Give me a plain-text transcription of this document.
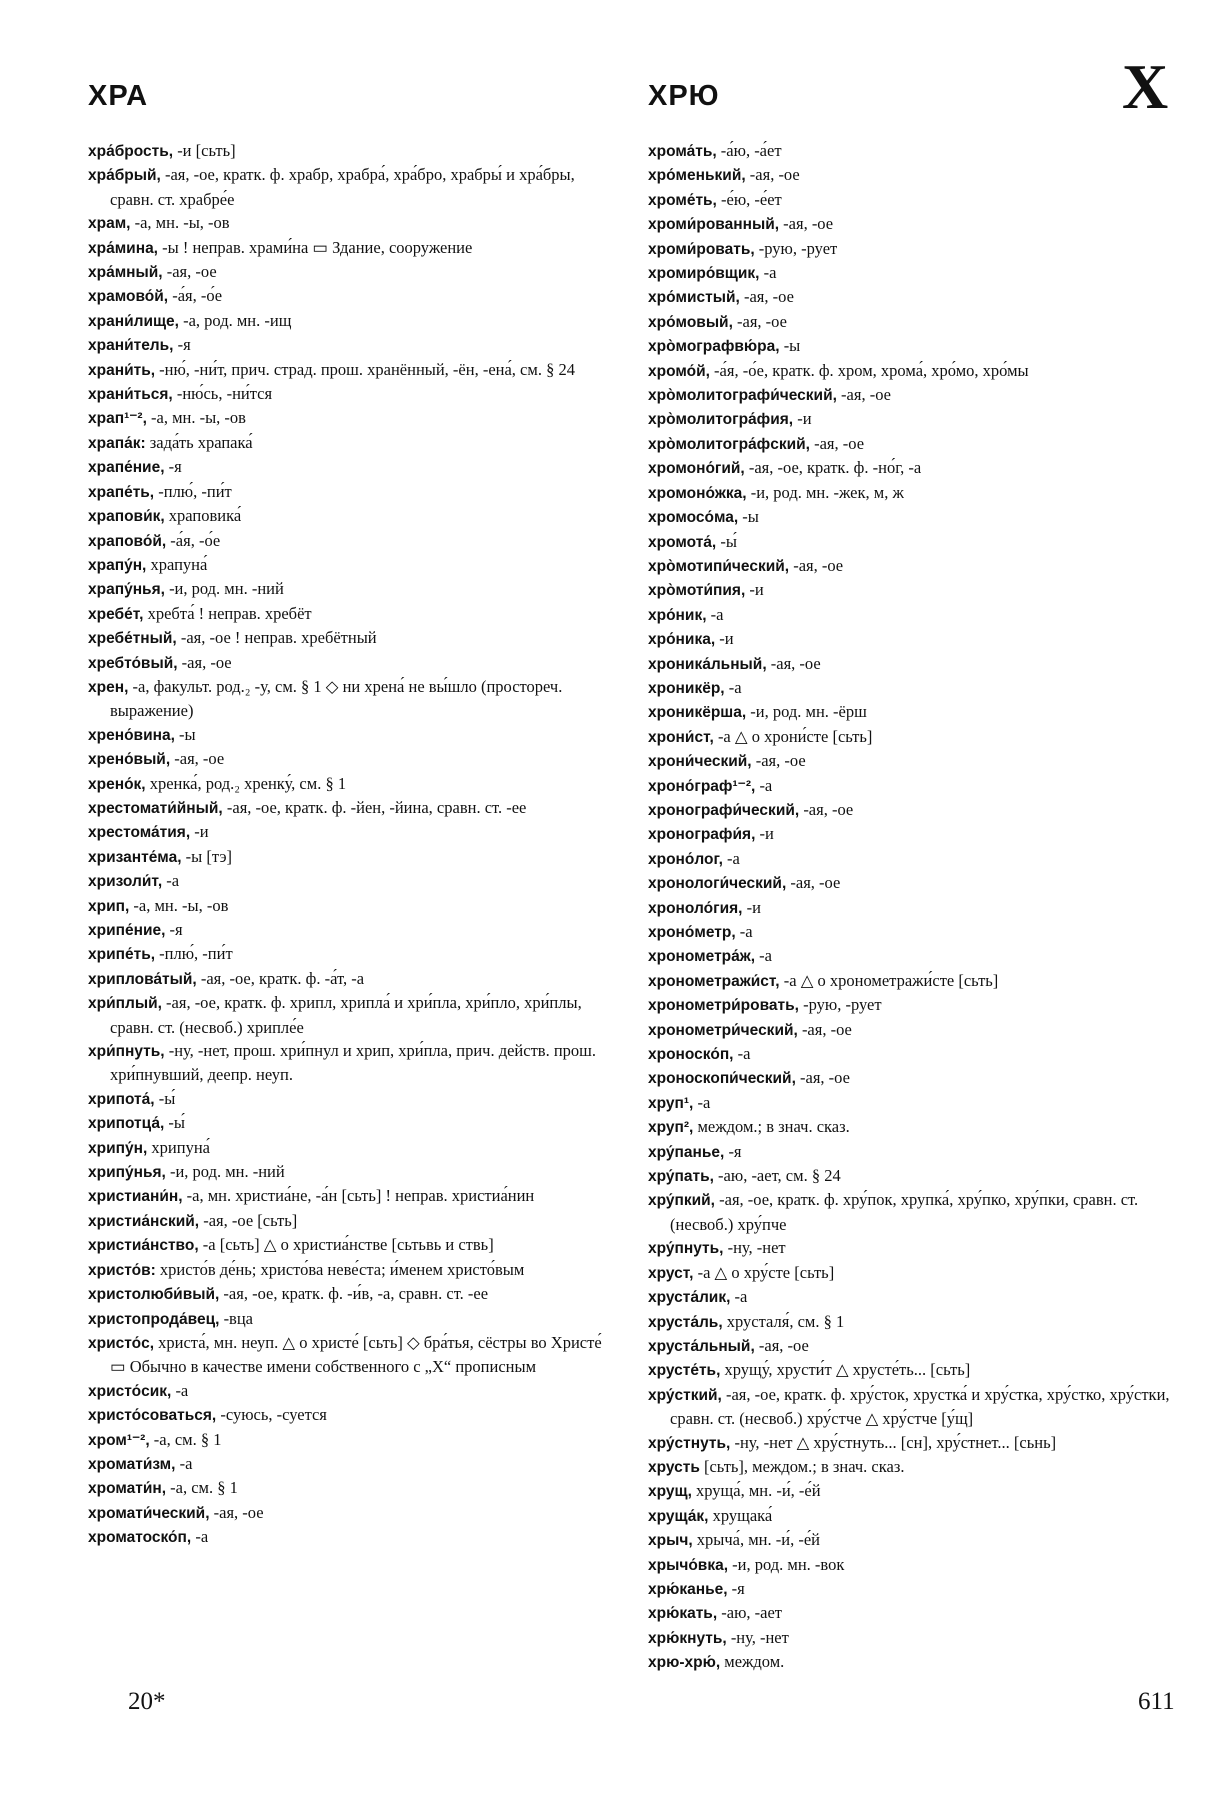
ХРА	ХРЮ	Х
хра́брость, -и [сьть]
хра́брый, -ая, -ое, кратк. ф. храбр, храбра́, хра́бро, храбры́ и хра́бры, сравн. ст. храбре́е
храм, -а, мн. -ы, -ов
хра́мина, -ы ! неправ. храми́на ▭ Здание, сооружение
хра́мный, -ая, -ое
храмово́й, -а́я, -о́е
храни́лище, -а, род. мн. -ищ
храни́тель, -я
храни́ть, -ню́, -ни́т, прич. страд. прош. хранённый, -ён, -ена́, см. § 24
храни́ться, -ню́сь, -ни́тся
храп¹⁻², -а, мн. -ы, -ов
храпа́к: зада́ть храпака́
храпе́ние, -я
храпе́ть, -плю́, -пи́т
храпови́к, храповика́
храпово́й, -а́я, -о́е
храпу́н, храпуна́
храпу́нья, -и, род. мн. -ний
хребе́т, хребта́ ! неправ. хребёт
хребе́тный, -ая, -ое ! неправ. хребётный
хребто́вый, -ая, -ое
хрен, -а, факульт. род.₂ -у, см. § 1 ◇ ни хрена́ не вы́шло (простореч. выражение)
хрено́вина, -ы
хрено́вый, -ая, -ое
хрено́к, хренка́, род.₂ хренку́, см. § 1
хрестомати́йный, -ая, -ое, кратк. ф. -йен, -йина, сравн. ст. -ее
хрестома́тия, -и
хризанте́ма, -ы [тэ]
хризоли́т, -а
хрип, -а, мн. -ы, -ов
хрипе́ние, -я
хрипе́ть, -плю́, -пи́т
хриплова́тый, -ая, -ое, кратк. ф. -а́т, -а
хри́плый, -ая, -ое, кратк. ф. хрипл, хрипла́ и хри́пла, хри́пло, хри́плы, сравн. ст. (несвоб.) хрипле́е
хри́пнуть, -ну, -нет, прош. хри́пнул и хрип, хри́пла, прич. действ. прош. хри́пнувший, деепр. неуп.
хрипота́, -ы́
хрипотца́, -ы́
хрипу́н, хрипуна́
хрипу́нья, -и, род. мн. -ний
христиани́н, -а, мн. христиа́не, -а́н [сьть] ! неправ. христиа́нин
христиа́нский, -ая, -ое [сьть]
христиа́нство, -а [сьть] △ о христиа́нстве [сьтьвь и ствь]
христо́в: христо́в де́нь; христо́ва неве́ста; и́менем христо́вым
христолюби́вый, -ая, -ое, кратк. ф. -и́в, -а, сравн. ст. -ее
христопрода́вец, -вца
христо́с, христа́, мн. неуп. △ о христе́ [сьть] ◇ бра́тья, сёстры во Христе́ ▭ Обычно в качестве имени собственного с „Х“ прописным
христо́сик, -а
христо́соваться, -суюсь, -суется
хром¹⁻², -а, см. § 1
хромати́зм, -а
хромати́н, -а, см. § 1
хромати́ческий, -ая, -ое
хроматоско́п, -а
хрома́ть, -а́ю, -а́ет
хро́менький, -ая, -ое
хроме́ть, -е́ю, -е́ет
хроми́рованный, -ая, -ое
хроми́ровать, -рую, -рует
хромиро́вщик, -а
хро́мистый, -ая, -ое
хро́мовый, -ая, -ое
хро̀мографвю́ра, -ы
хромо́й, -а́я, -о́е, кратк. ф. хром, хрома́, хро́мо, хро́мы
хро̀молитографи́ческий, -ая, -ое
хро̀молитогра́фия, -и
хро̀молитогра́фский, -ая, -ое
хромоно́гий, -ая, -ое, кратк. ф. -но́г, -а
хромоно́жка, -и, род. мн. -жек, м, ж
хромосо́ма, -ы
хромота́, -ы́
хро̀мотипи́ческий, -ая, -ое
хро̀моти́пия, -и
хро́ник, -а
хро́ника, -и
хроника́льный, -ая, -ое
хроникёр, -а
хроникёрша, -и, род. мн. -ёрш
хрони́ст, -а △ о хрони́сте [сьть]
хрони́ческий, -ая, -ое
хроно́граф¹⁻², -а
хронографи́ческий, -ая, -ое
хронографи́я, -и
хроно́лог, -а
хронологи́ческий, -ая, -ое
хроноло́гия, -и
хроно́метр, -а
хронометра́ж, -а
хронометражи́ст, -а △ о хронометражи́сте [сьть]
хронометри́ровать, -рую, -рует
хронометри́ческий, -ая, -ое
хроноско́п, -а
хроноскопи́ческий, -ая, -ое
хруп¹, -а
хруп², междом.; в знач. сказ.
хру́панье, -я
хру́пать, -аю, -ает, см. § 24
хру́пкий, -ая, -ое, кратк. ф. хру́пок, хрупка́, хру́пко, хру́пки, сравн. ст. (несвоб.) хру́пче
хру́пнуть, -ну, -нет
хруст, -а △ о хру́сте [сьть]
хруста́лик, -а
хруста́ль, хрусталя́, см. § 1
хруста́льный, -ая, -ое
хрусте́ть, хрущу́, хрусти́т △ хрусте́ть... [сьть]
хру́сткий, -ая, -ое, кратк. ф. хру́сток, хрустка́ и хру́стка, хру́стко, хру́стки, сравн. ст. (несвоб.) хру́стче △ хру́стче [у́щ]
хру́стнуть, -ну, -нет △ хру́стнуть... [сн], хру́стнет... [сьнь]
хрусть [сьть], междом.; в знач. сказ.
хрущ, хруща́, мн. -и́, -е́й
хруща́к, хрущака́
хрыч, хрыча́, мн. -и́, -е́й
хрычо́вка, -и, род. мн. -вок
хрю́канье, -я
хрю́кать, -аю, -ает
хрю́кнуть, -ну, -нет
хрю-хрю́, междом.
20*	611
